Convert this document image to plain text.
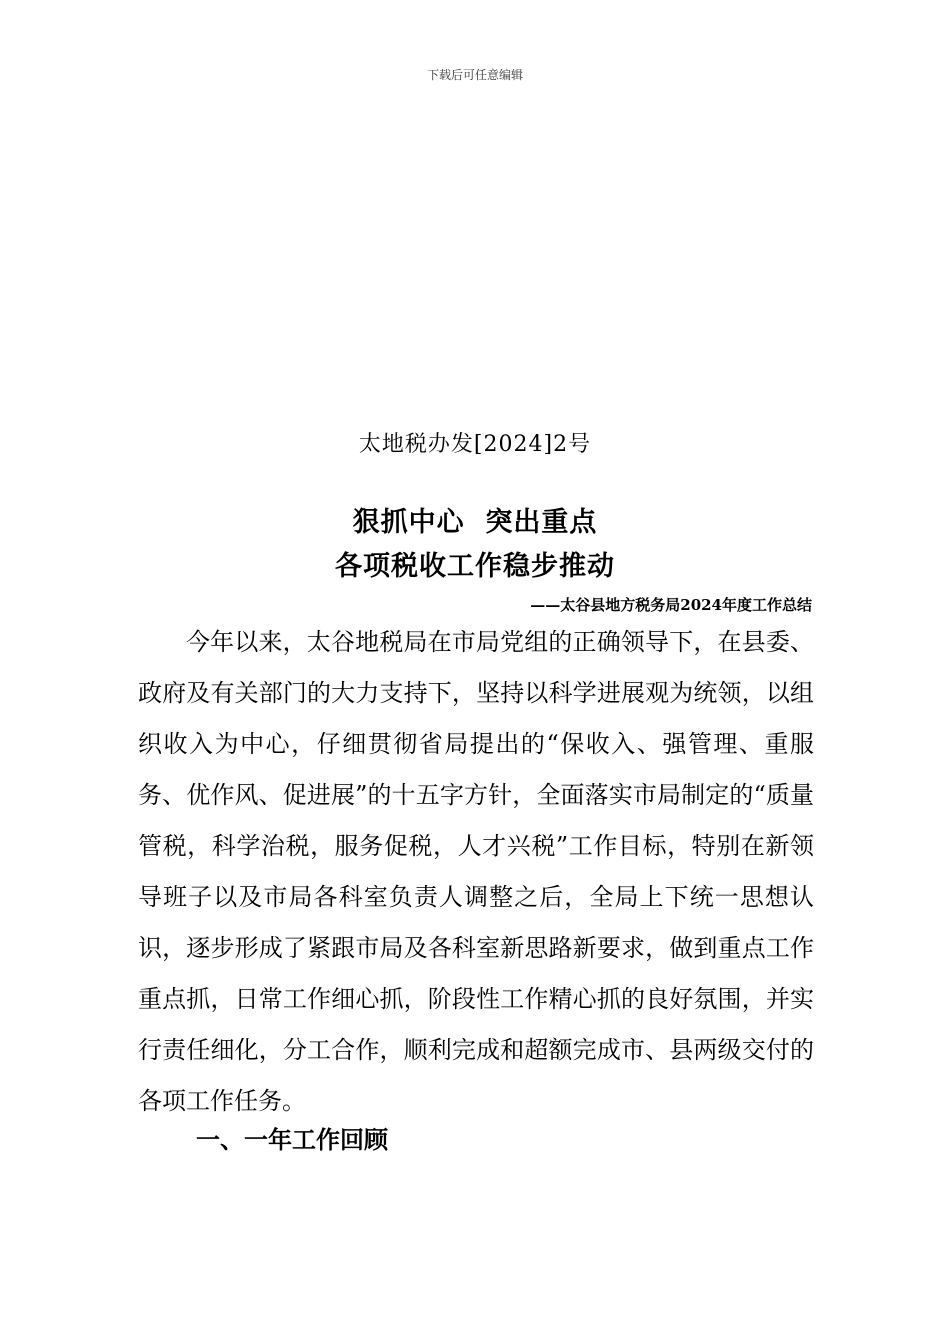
下载后可任意编辑
太地税办发[2024]2号
狠抓中心  突出重点
各项税收工作稳步推动
——太谷县地方税务局2024年度工作总结

今年以来，太谷地税局在市局党组的正确领导下，在县委、政府及有关部门的大力支持下，坚持以科学进展观为统领，以组织收入为中心，仔细贯彻省局提出的“保收入、强管理、重服务、优作风、促进展”的十五字方针，全面落实市局制定的“质量管税，科学治税，服务促税，人才兴税”工作目标，特别在新领导班子以及市局各科室负责人调整之后，全局上下统一思想认识，逐步形成了紧跟市局及各科室新思路新要求，做到重点工作重点抓，日常工作细心抓，阶段性工作精心抓的良好氛围，并实行责任细化，分工合作，顺利完成和超额完成市、县两级交付的各项工作任务。

一、一年工作回顾
